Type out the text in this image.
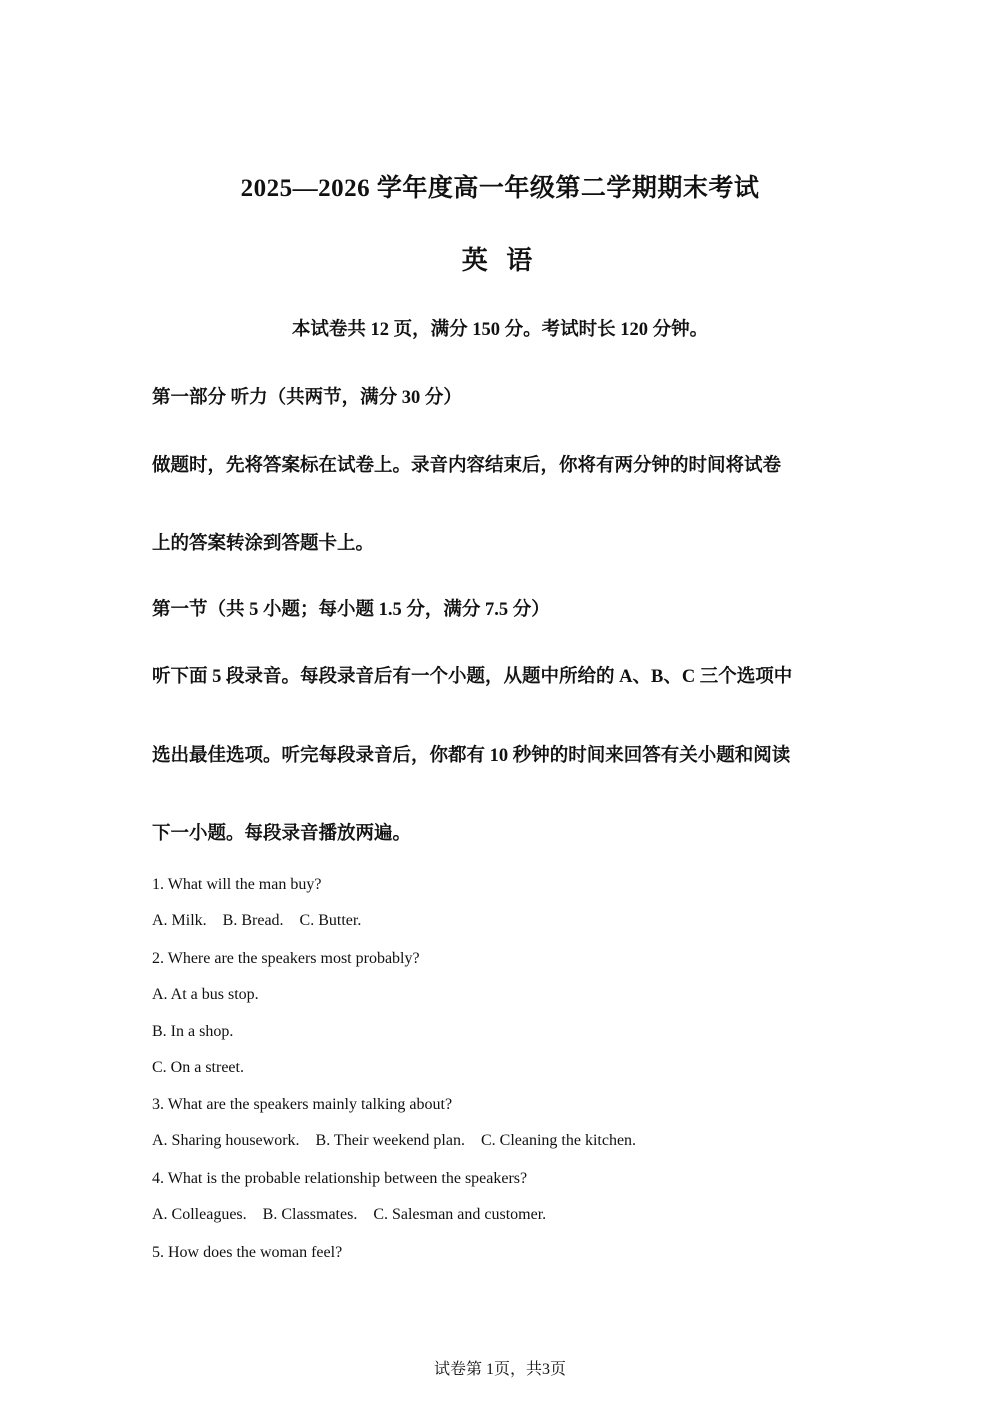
2025—2026 学年度高一年级第二学期期末考试
英 语
本试卷共 12 页，满分 150 分。考试时长 120 分钟。
第一部分 听力（共两节，满分 30 分）
做题时，先将答案标在试卷上。录音内容结束后，你将有两分钟的时间将试卷
上的答案转涂到答题卡上。
第一节（共 5 小题；每小题 1.5 分，满分 7.5 分）
听下面 5 段录音。每段录音后有一个小题，从题中所给的 A、B、C 三个选项中
选出最佳选项。听完每段录音后，你都有 10 秒钟的时间来回答有关小题和阅读
下一小题。每段录音播放两遍。
1. What will the man buy?
A. Milk.    B. Bread.    C. Butter.
2. Where are the speakers most probably?
A. At a bus stop.
B. In a shop.
C. On a street.
3. What are the speakers mainly talking about?
A. Sharing housework.    B. Their weekend plan.    C. Cleaning the kitchen.
4. What is the probable relationship between the speakers?
A. Colleagues.    B. Classmates.    C. Salesman and customer.
5. How does the woman feel?
试卷第 1页，共3页
